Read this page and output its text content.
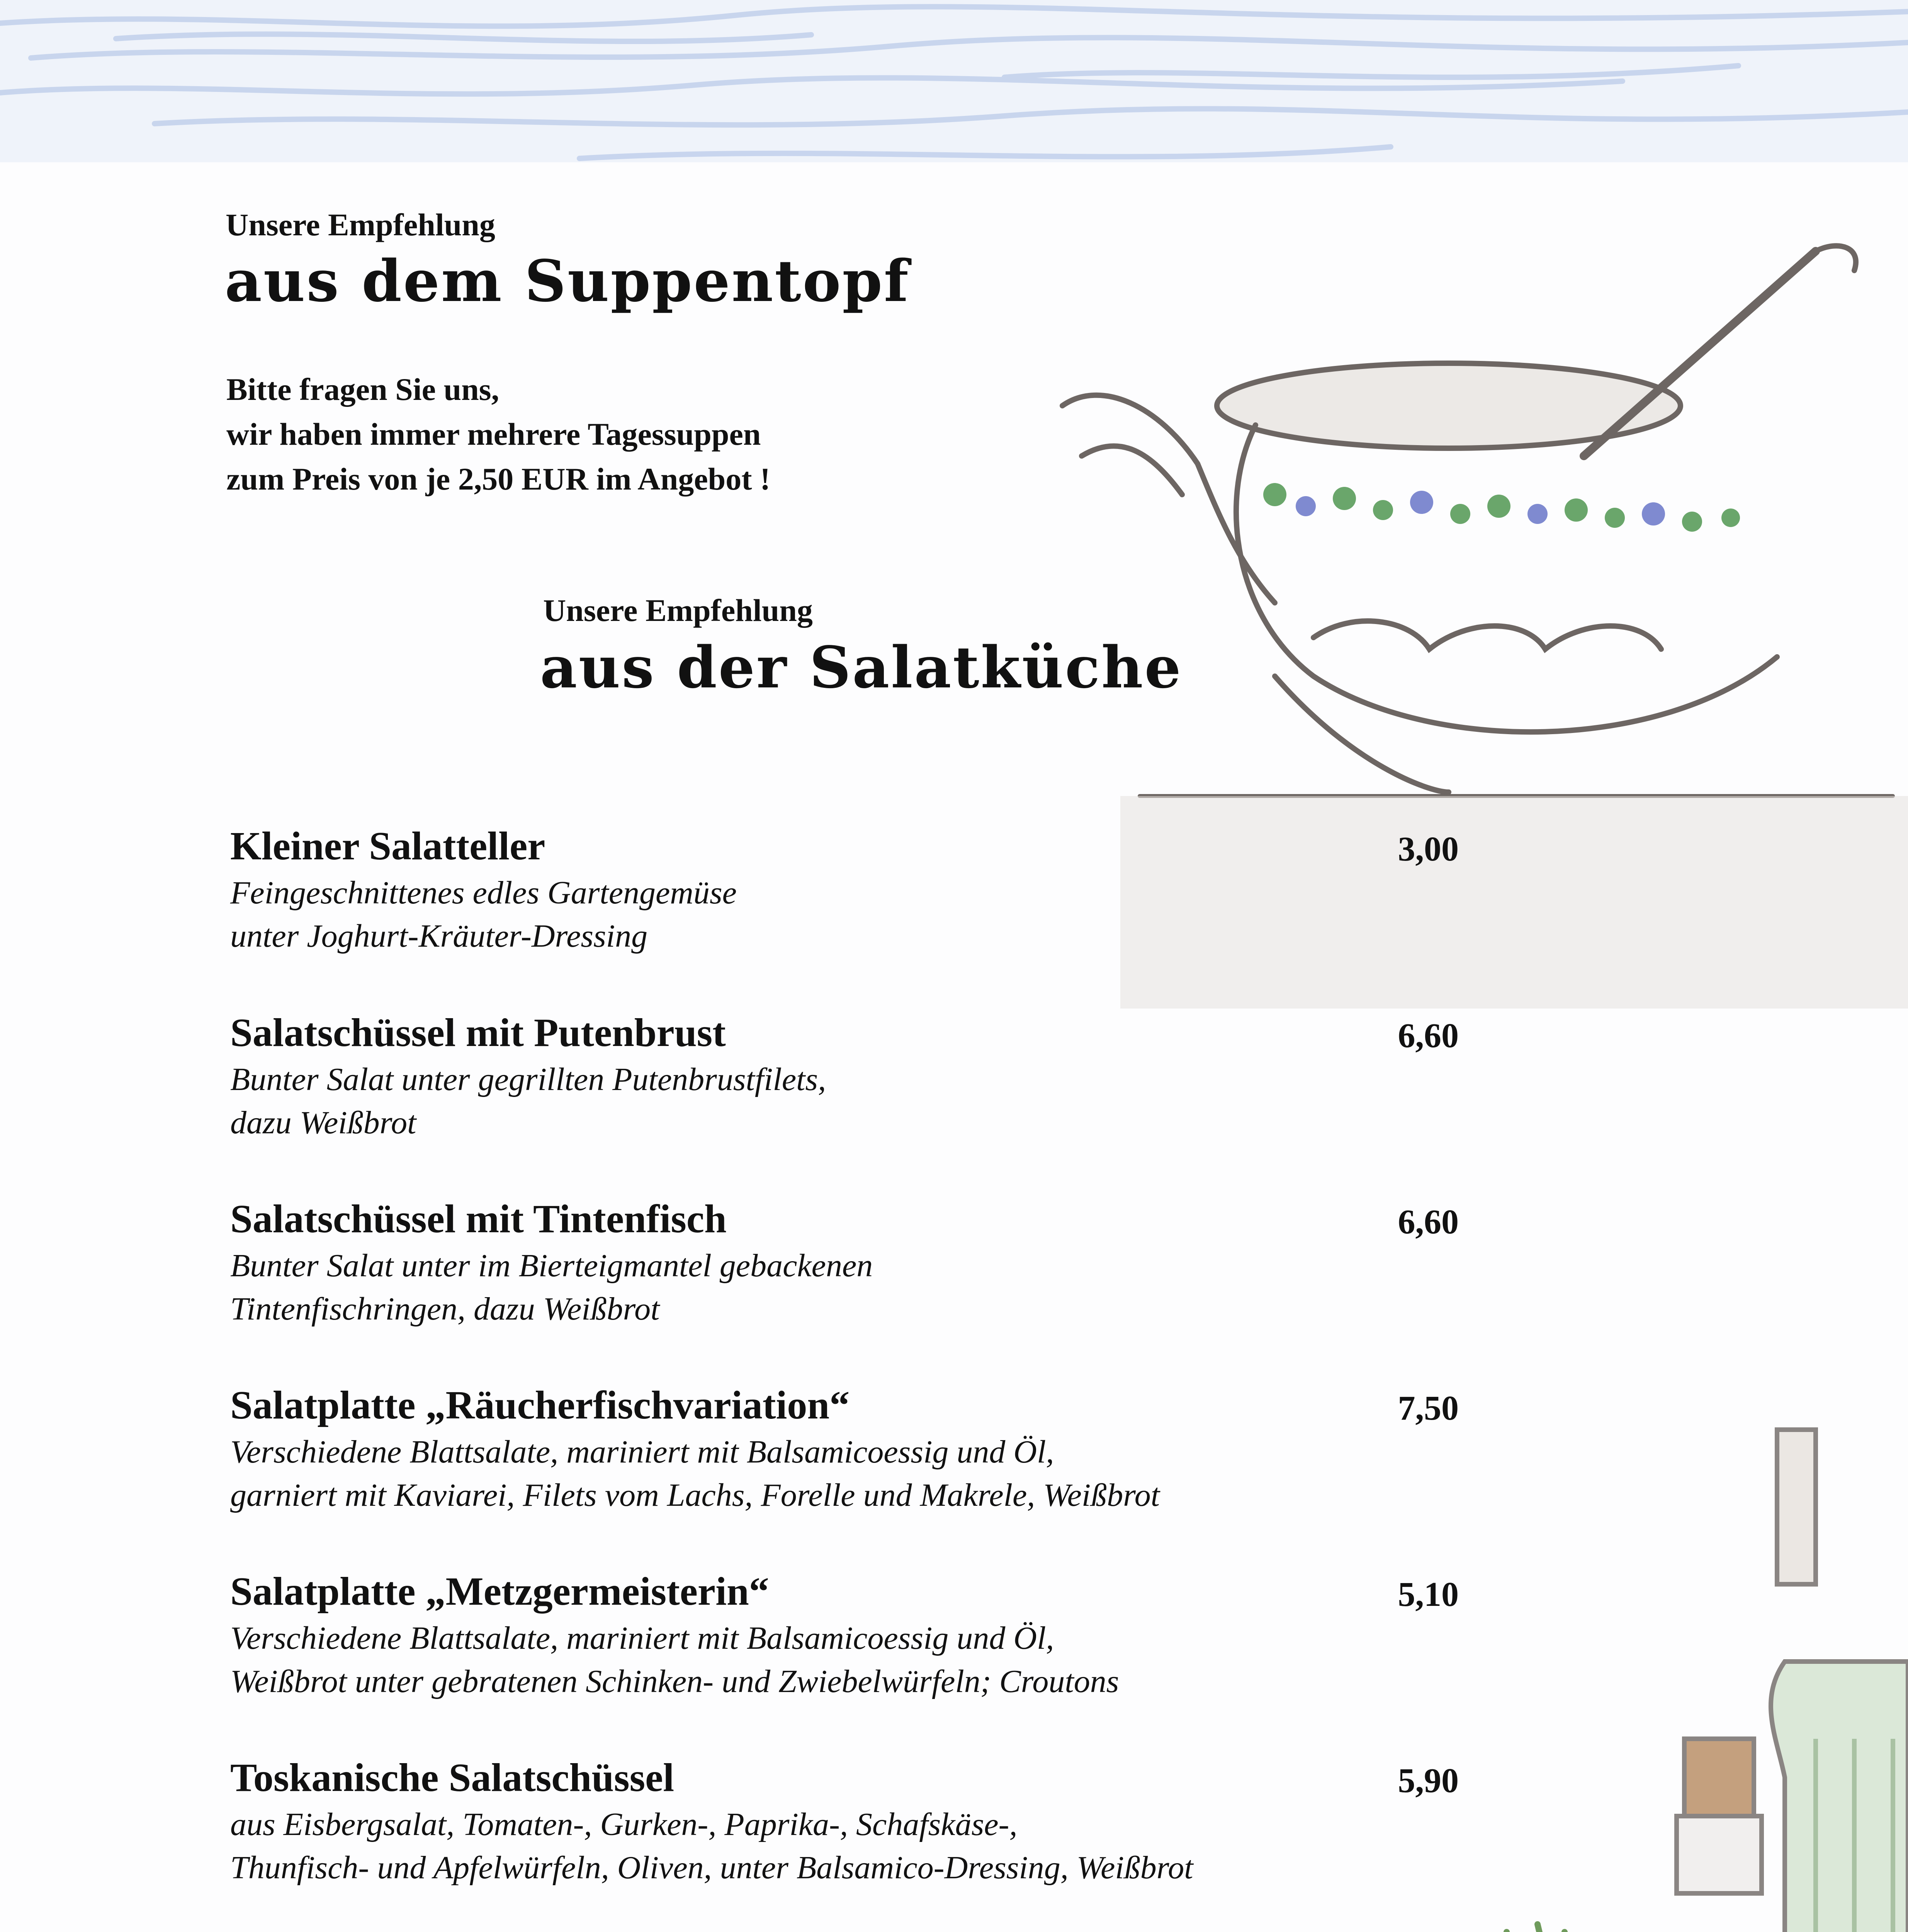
Unsere Empfehlung
aus dem Suppentopf
Bitte fragen Sie uns,
wir haben immer mehrere Tagessuppen
zum Preis von je 2,50 EUR im Angebot !
Unsere Empfehlung
aus der Salatküche
Kleiner Salatteller	3,00
Feingeschnittenes edles Gartengemüse
unter Joghurt-Kräuter-Dressing
Salatschüssel mit Putenbrust	6,60
Bunter Salat unter gegrillten Putenbrustfilets,
dazu Weißbrot
Salatschüssel mit Tintenfisch	6,60
Bunter Salat unter im Bierteigmantel gebackenen
Tintenfischringen, dazu Weißbrot
Salatplatte „Räucherfischvariation“	7,50
Verschiedene Blattsalate, mariniert mit Balsamicoessig und Öl,
garniert mit Kaviarei, Filets vom Lachs, Forelle und Makrele, Weißbrot
Salatplatte „Metzgermeisterin“	5,10
Verschiedene Blattsalate, mariniert mit Balsamicoessig und Öl,
Weißbrot unter gebratenen Schinken- und Zwiebelwürfeln; Croutons
Toskanische Salatschüssel	5,90
aus Eisbergsalat, Tomaten-, Gurken-, Paprika-, Schafskäse-,
Thunfisch- und Apfelwürfeln, Oliven, unter Balsamico-Dressing, Weißbrot
